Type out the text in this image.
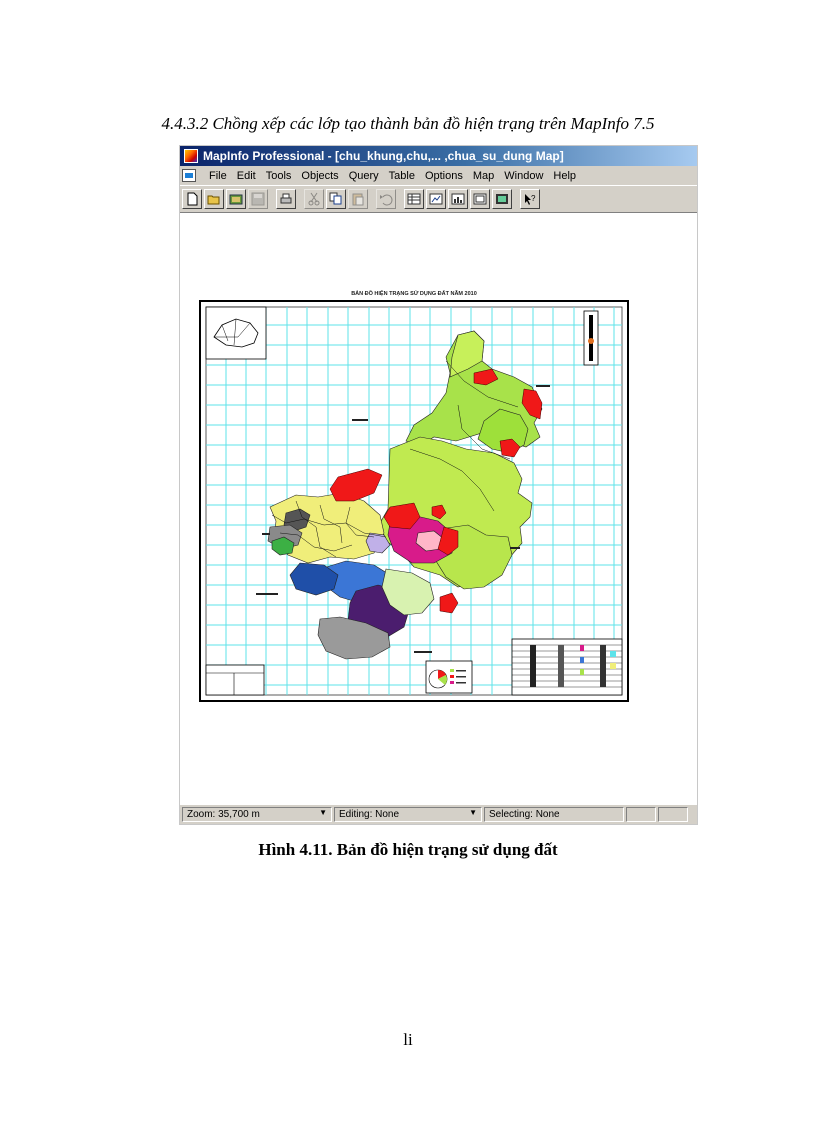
4.4.3.2 Chồng xếp các lớp tạo thành bản đồ hiện trạng trên MapInfo 7.5
MapInfo Professional - [chu_khung,chu,... ,chua_su_dung Map]
File Edit Tools Objects Query Table Options Map Window Help
?
BẢN ĐỒ HIỆN TRẠNG SỬ DỤNG ĐẤT NĂM 2010
Zoom: 35,700 m	▼ Editing: None	▼ Selecting: None
Hình 4.11. Bản đồ hiện trạng sử dụng đất
li
